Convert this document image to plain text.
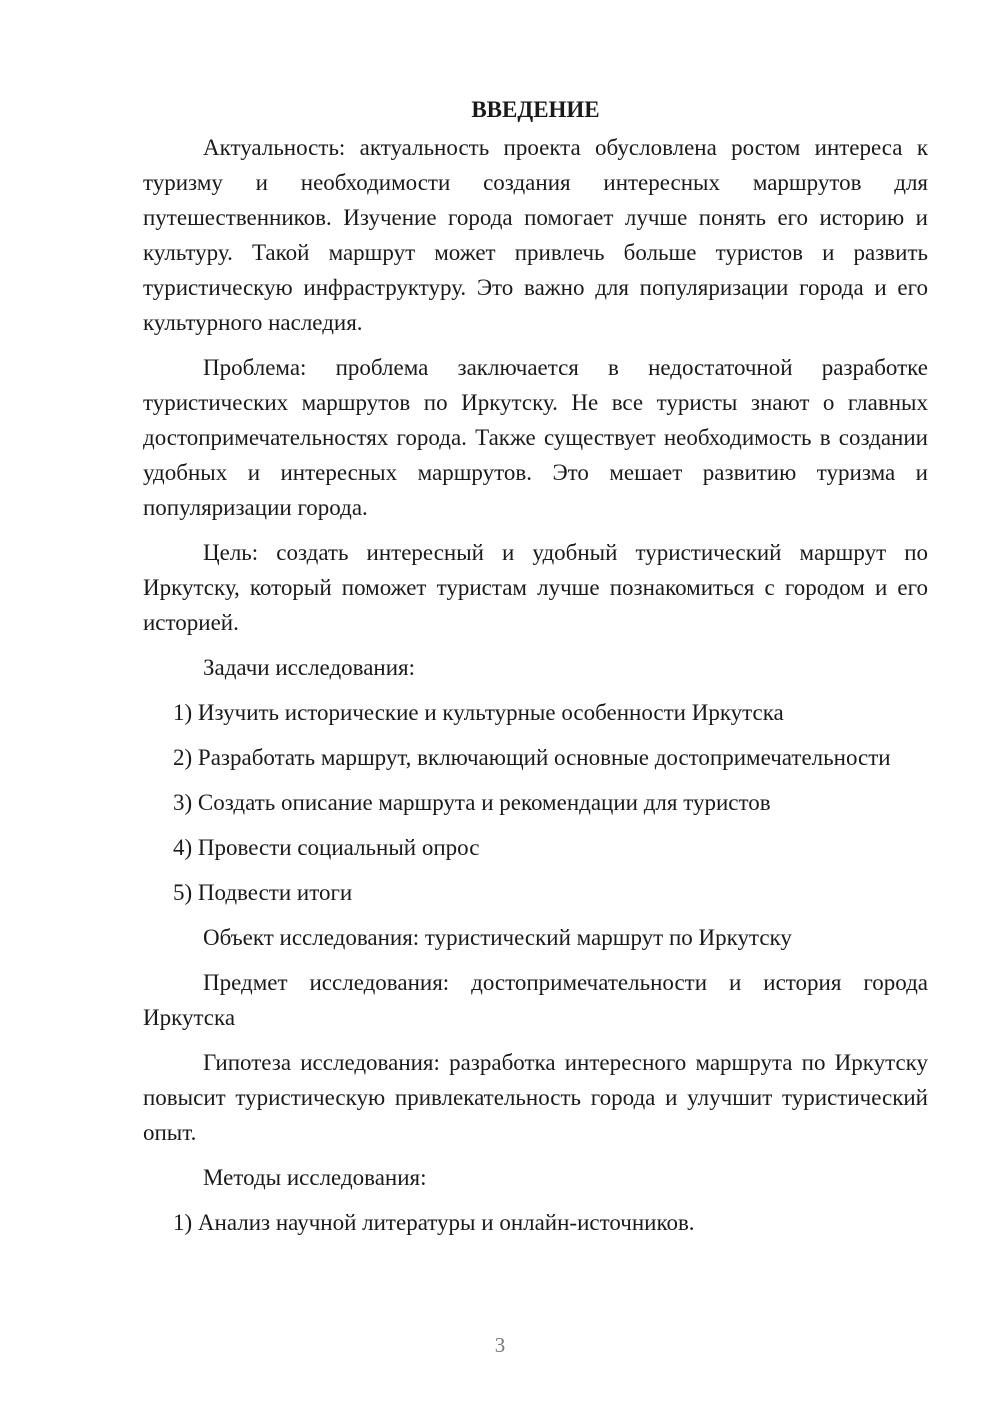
ВВЕДЕНИЕ

Актуальность: актуальность проекта обусловлена ростом интереса к туризму и необходимости создания интересных маршрутов для путешественников. Изучение города помогает лучше понять его историю и культуру. Такой маршрут может привлечь больше туристов и развить туристическую инфраструктуру. Это важно для популяризации города и его культурного наследия.

Проблема: проблема заключается в недостаточной разработке туристических маршрутов по Иркутску. Не все туристы знают о главных достопримечательностях города. Также существует необходимость в создании удобных и интересных маршрутов. Это мешает развитию туризма и популяризации города.

Цель: создать интересный и удобный туристический маршрут по Иркутску, который поможет туристам лучше познакомиться с городом и его историей.

Задачи исследования:

1) Изучить исторические и культурные особенности Иркутска
2) Разработать маршрут, включающий основные достопримечательности
3) Создать описание маршрута и рекомендации для туристов
4) Провести социальный опрос
5) Подвести итоги

Объект исследования: туристический маршрут по Иркутску

Предмет исследования: достопримечательности и история города Иркутска

Гипотеза исследования: разработка интересного маршрута по Иркутску повысит туристическую привлекательность города и улучшит туристический опыт.

Методы исследования:

1) Анализ научной литературы и онлайн-источников.
3
